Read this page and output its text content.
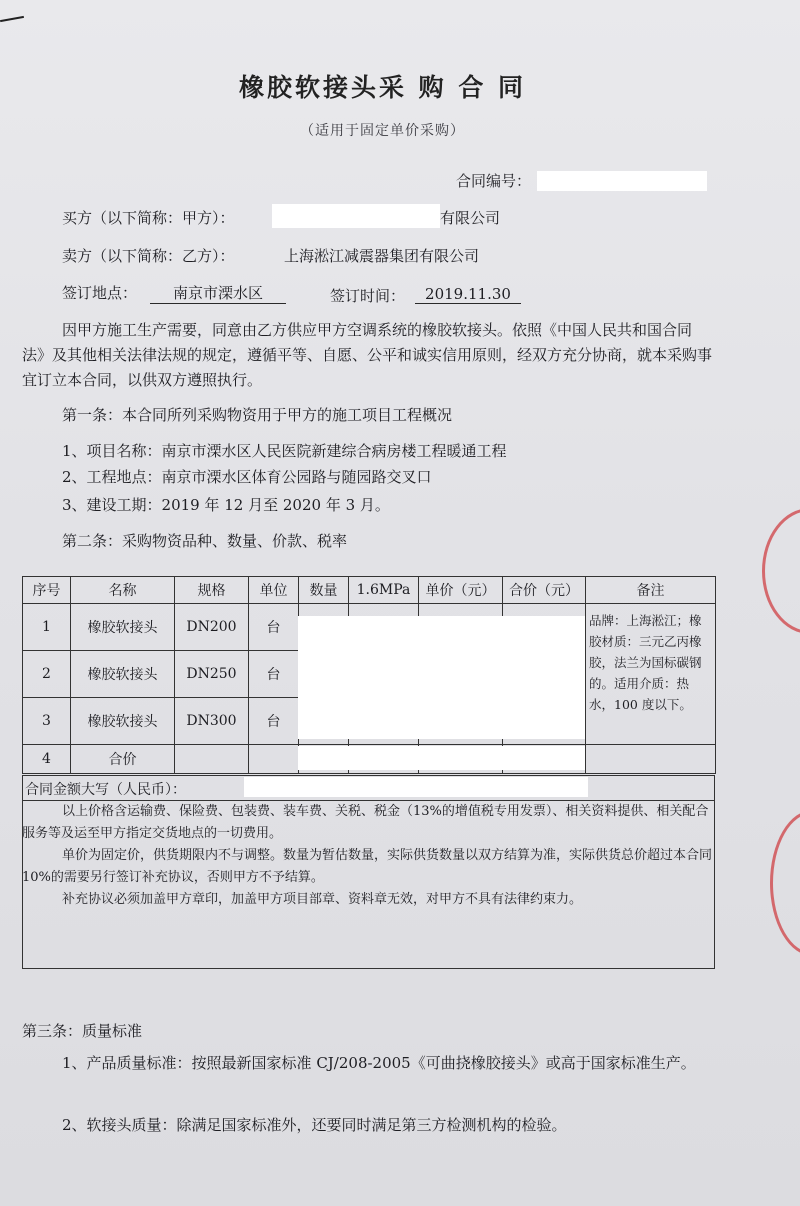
橡胶软接头采 购 合 同
（适用于固定单价采购）
合同编号：
买方（以下简称：甲方）：	有限公司
卖方（以下简称：乙方）：	上海淞江减震器集团有限公司
签订地点：	南京市溧水区	签订时间：	2019.11.30
因甲方施工生产需要，同意由乙方供应甲方空调系统的橡胶软接头。依照《中国人民共和国合同法》及其他相关法律法规的规定，遵循平等、自愿、公平和诚实信用原则，经双方充分协商，就本采购事宜订立本合同，以供双方遵照执行。
第一条：本合同所列采购物资用于甲方的施工项目工程概况
1、项目名称：南京市溧水区人民医院新建综合病房楼工程暖通工程
2、工程地点：南京市溧水区体育公园路与随园路交叉口
3、建设工期：2019 年 12 月至 2020 年 3 月。
第二条：采购物资品种、数量、价款、税率
序号	名称	规格	单位	数量	1.6MPa	单价（元）	合价（元）	备注
1	橡胶软接头	DN200	台					品牌：上海淞江；橡胶材质：三元乙丙橡胶，法兰为国标碳钢的。适用介质：热水，100 度以下。
2	橡胶软接头	DN250	台					
3	橡胶软接头	DN300	台					
4	合价							
合同金额大写（人民币）：

以上价格含运输费、保险费、包装费、装车费、关税、税金（13%的增值税专用发票）、相关资料提供、相关配合服务等及运至甲方指定交货地点的一切费用。

单价为固定价，供货期限内不与调整。数量为暂估数量，实际供货数量以双方结算为准，实际供货总价超过本合同 10%的需要另行签订补充协议，否则甲方不予结算。

补充协议必须加盖甲方章印，加盖甲方项目部章、资料章无效，对甲方不具有法律约束力。

第三条：质量标准
1、产品质量标准：按照最新国家标准 CJ/208-2005《可曲挠橡胶接头》或高于国家标准生产。
2、软接头质量：除满足国家标准外，还要同时满足第三方检测机构的检验。
